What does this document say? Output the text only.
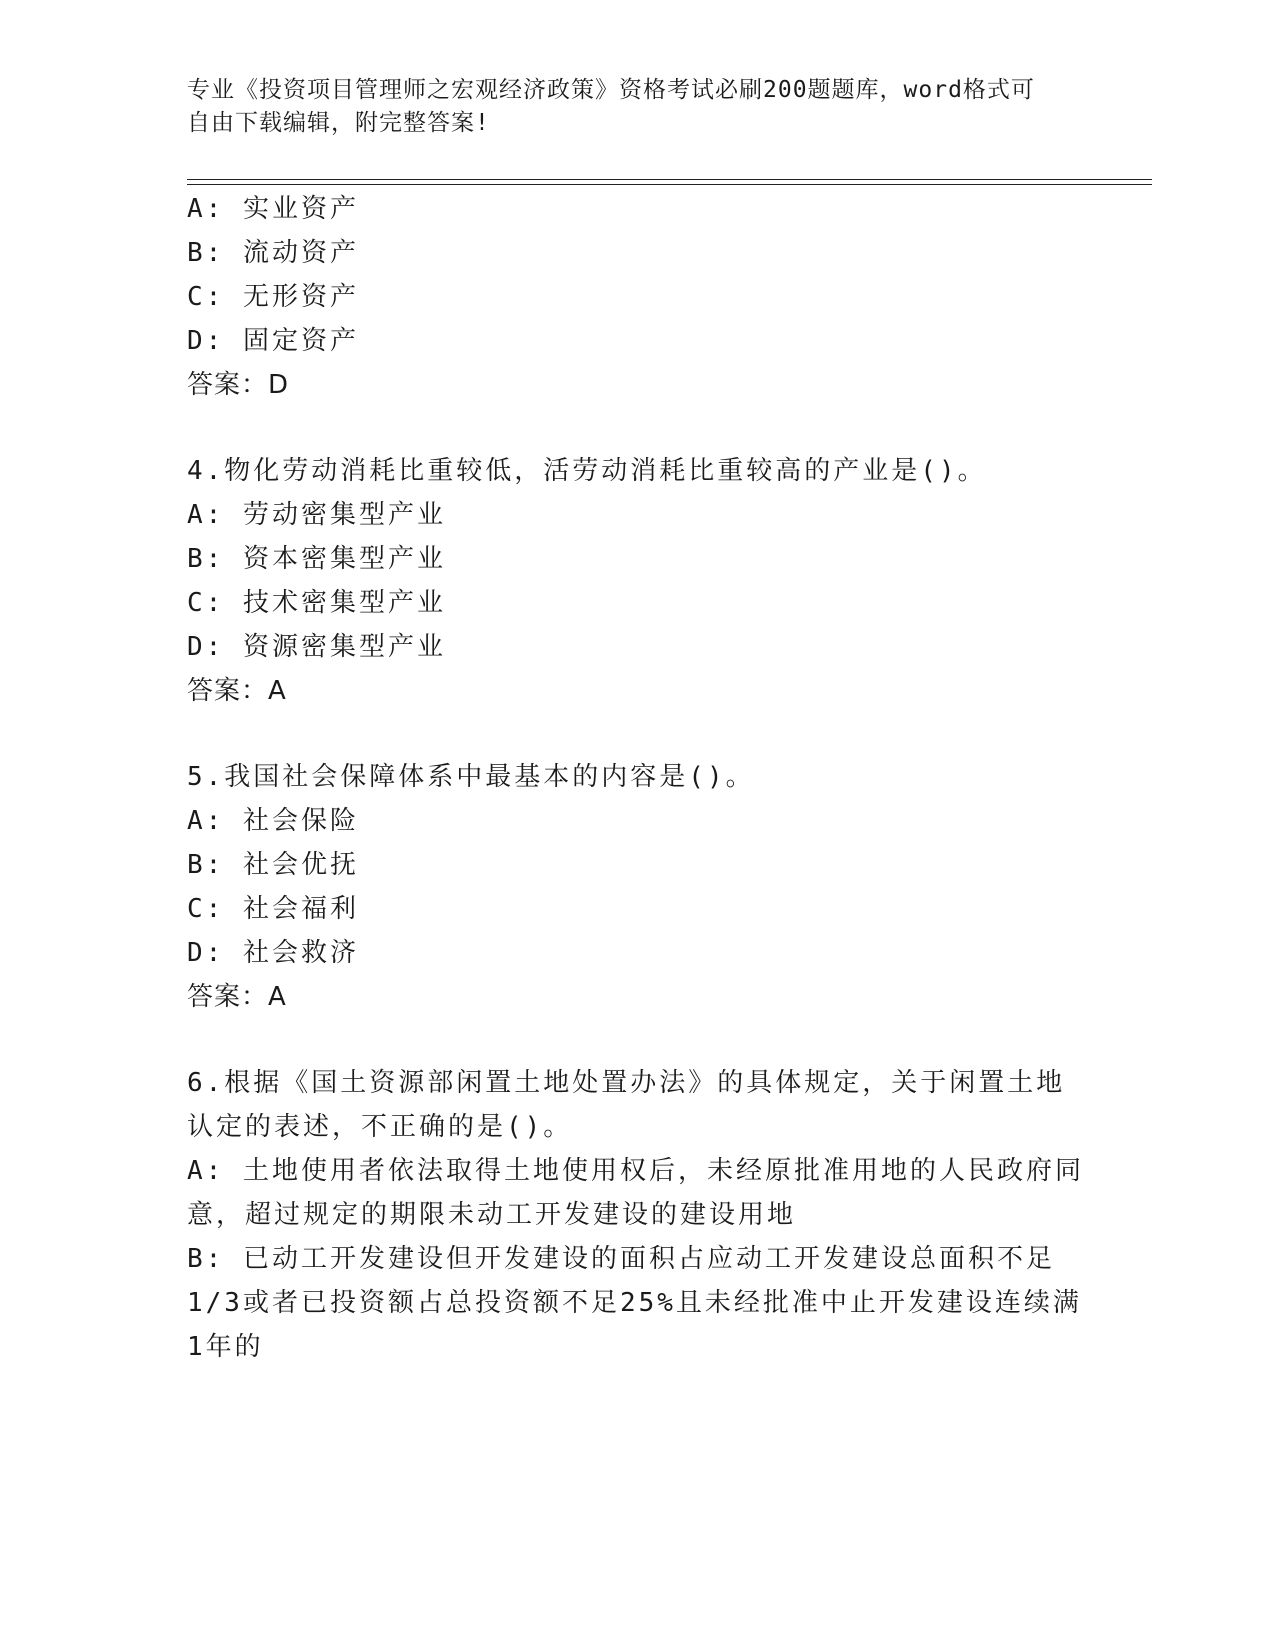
专业《投资项目管理师之宏观经济政策》资格考试必刷200题题库，word格式可
自由下载编辑，附完整答案!
A: 实业资产
B: 流动资产
C: 无形资产
D: 固定资产
答案：D
4.物化劳动消耗比重较低，活劳动消耗比重较高的产业是()。
A: 劳动密集型产业
B: 资本密集型产业
C: 技术密集型产业
D: 资源密集型产业
答案：A
5.我国社会保障体系中最基本的内容是()。
A: 社会保险
B: 社会优抚
C: 社会福利
D: 社会救济
答案：A
6.根据《国土资源部闲置土地处置办法》的具体规定，关于闲置土地
认定的表述，不正确的是()。
A: 土地使用者依法取得土地使用权后，未经原批准用地的人民政府同
意，超过规定的期限未动工开发建设的建设用地
B: 已动工开发建设但开发建设的面积占应动工开发建设总面积不足
1/3或者已投资额占总投资额不足25%且未经批准中止开发建设连续满
1年的
